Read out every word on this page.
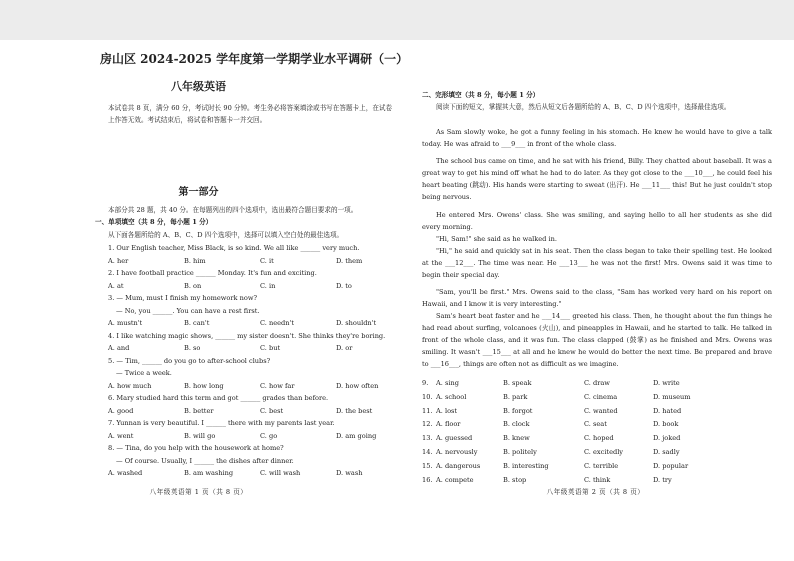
房山区 2024-2025 学年度第一学期学业水平调研（一）
八年级英语
本试卷共 8 页，满分 60 分，考试时长 90 分钟。考生务必将答案填涂或书写在答题卡上，在试卷上作答无效。考试结束后，将试卷和答题卡一并交回。
第一部分
本部分共 28 题，共 40 分。在每题列出的四个选项中，选出最符合题目要求的一项。
一、单项填空（共 8 分，每小题 1 分）
从下面各题所给的 A、B、C、D 四个选项中，选择可以填入空白处的最佳选项。
1. Our English teacher, Miss Black, is so kind. We all like ______ very much.
A. her	B. him	C. it	D. them
2. I have football practice ______ Monday. It's fun and exciting.
A. at	B. on	C. in	D. to
3. — Mum, must I finish my homework now?
— No, you ______. You can have a rest first.
A. mustn't	B. can't	C. needn't	D. shouldn't
4. I like watching magic shows, ______ my sister doesn't. She thinks they're boring.
A. and	B. so	C. but	D. or
5. — Tim, ______ do you go to after-school clubs?
— Twice a week.
A. how much	B. how long	C. how far	D. how often
6. Mary studied hard this term and got ______ grades than before.
A. good	B. better	C. best	D. the best
7. Yunnan is very beautiful. I ______ there with my parents last year.
A. went	B. will go	C. go	D. am going
8. — Tina, do you help with the housework at home?
— Of course. Usually, I ______ the dishes after dinner.
A. washed	B. am washing	C. will wash	D. wash
八年级英语第 1 页（共 8 页）
二、完形填空（共 8 分，每小题 1 分）
阅读下面的短文，掌握其大意，然后从短文后各题所给的 A、B、C、D 四个选项中，选择最佳选项。
As Sam slowly woke, he got a funny feeling in his stomach. He knew he would have to give a talk today. He was afraid to ___9___ in front of the whole class.
The school bus came on time, and he sat with his friend, Billy. They chatted about baseball. It was a great way to get his mind off what he had to do later. As they got close to the ___10___, he could feel his heart beating (跳动). His hands were starting to sweat (出汗). He ___11___ this! But he just couldn't stop being nervous.
He entered Mrs. Owens' class. She was smiling, and saying hello to all her students as she did every morning.
"Hi, Sam!" she said as he walked in.
"Hi," he said and quickly sat in his seat. Then the class began to take their spelling test. He looked at the ___12___. The time was near. He ___13___ he was not the first! Mrs. Owens said it was time to begin their special day.
"Sam, you'll be first." Mrs. Owens said to the class, "Sam has worked very hard on his report on Hawaii, and I know it is very interesting."
Sam's heart beat faster and he ___14___ greeted his class. Then, he thought about the fun things he had read about surfing, volcanoes (火山), and pineapples in Hawaii, and he started to talk. He talked in front of the whole class, and it was fun. The class clapped (鼓掌) as he finished and Mrs. Owens was smiling. It wasn't ___15___ at all and he knew he would do better the next time. Be prepared and brave to ___16___, things are often not as difficult as we imagine.
9. A. sing	B. speak	C. draw	D. write
10. A. school	B. park	C. cinema	D. museum
11. A. lost	B. forgot	C. wanted	D. hated
12. A. floor	B. clock	C. seat	D. book
13. A. guessed	B. knew	C. hoped	D. joked
14. A. nervously	B. politely	C. excitedly	D. sadly
15. A. dangerous	B. interesting	C. terrible	D. popular
16. A. compete	B. stop	C. think	D. try
八年级英语第 2 页（共 8 页）
